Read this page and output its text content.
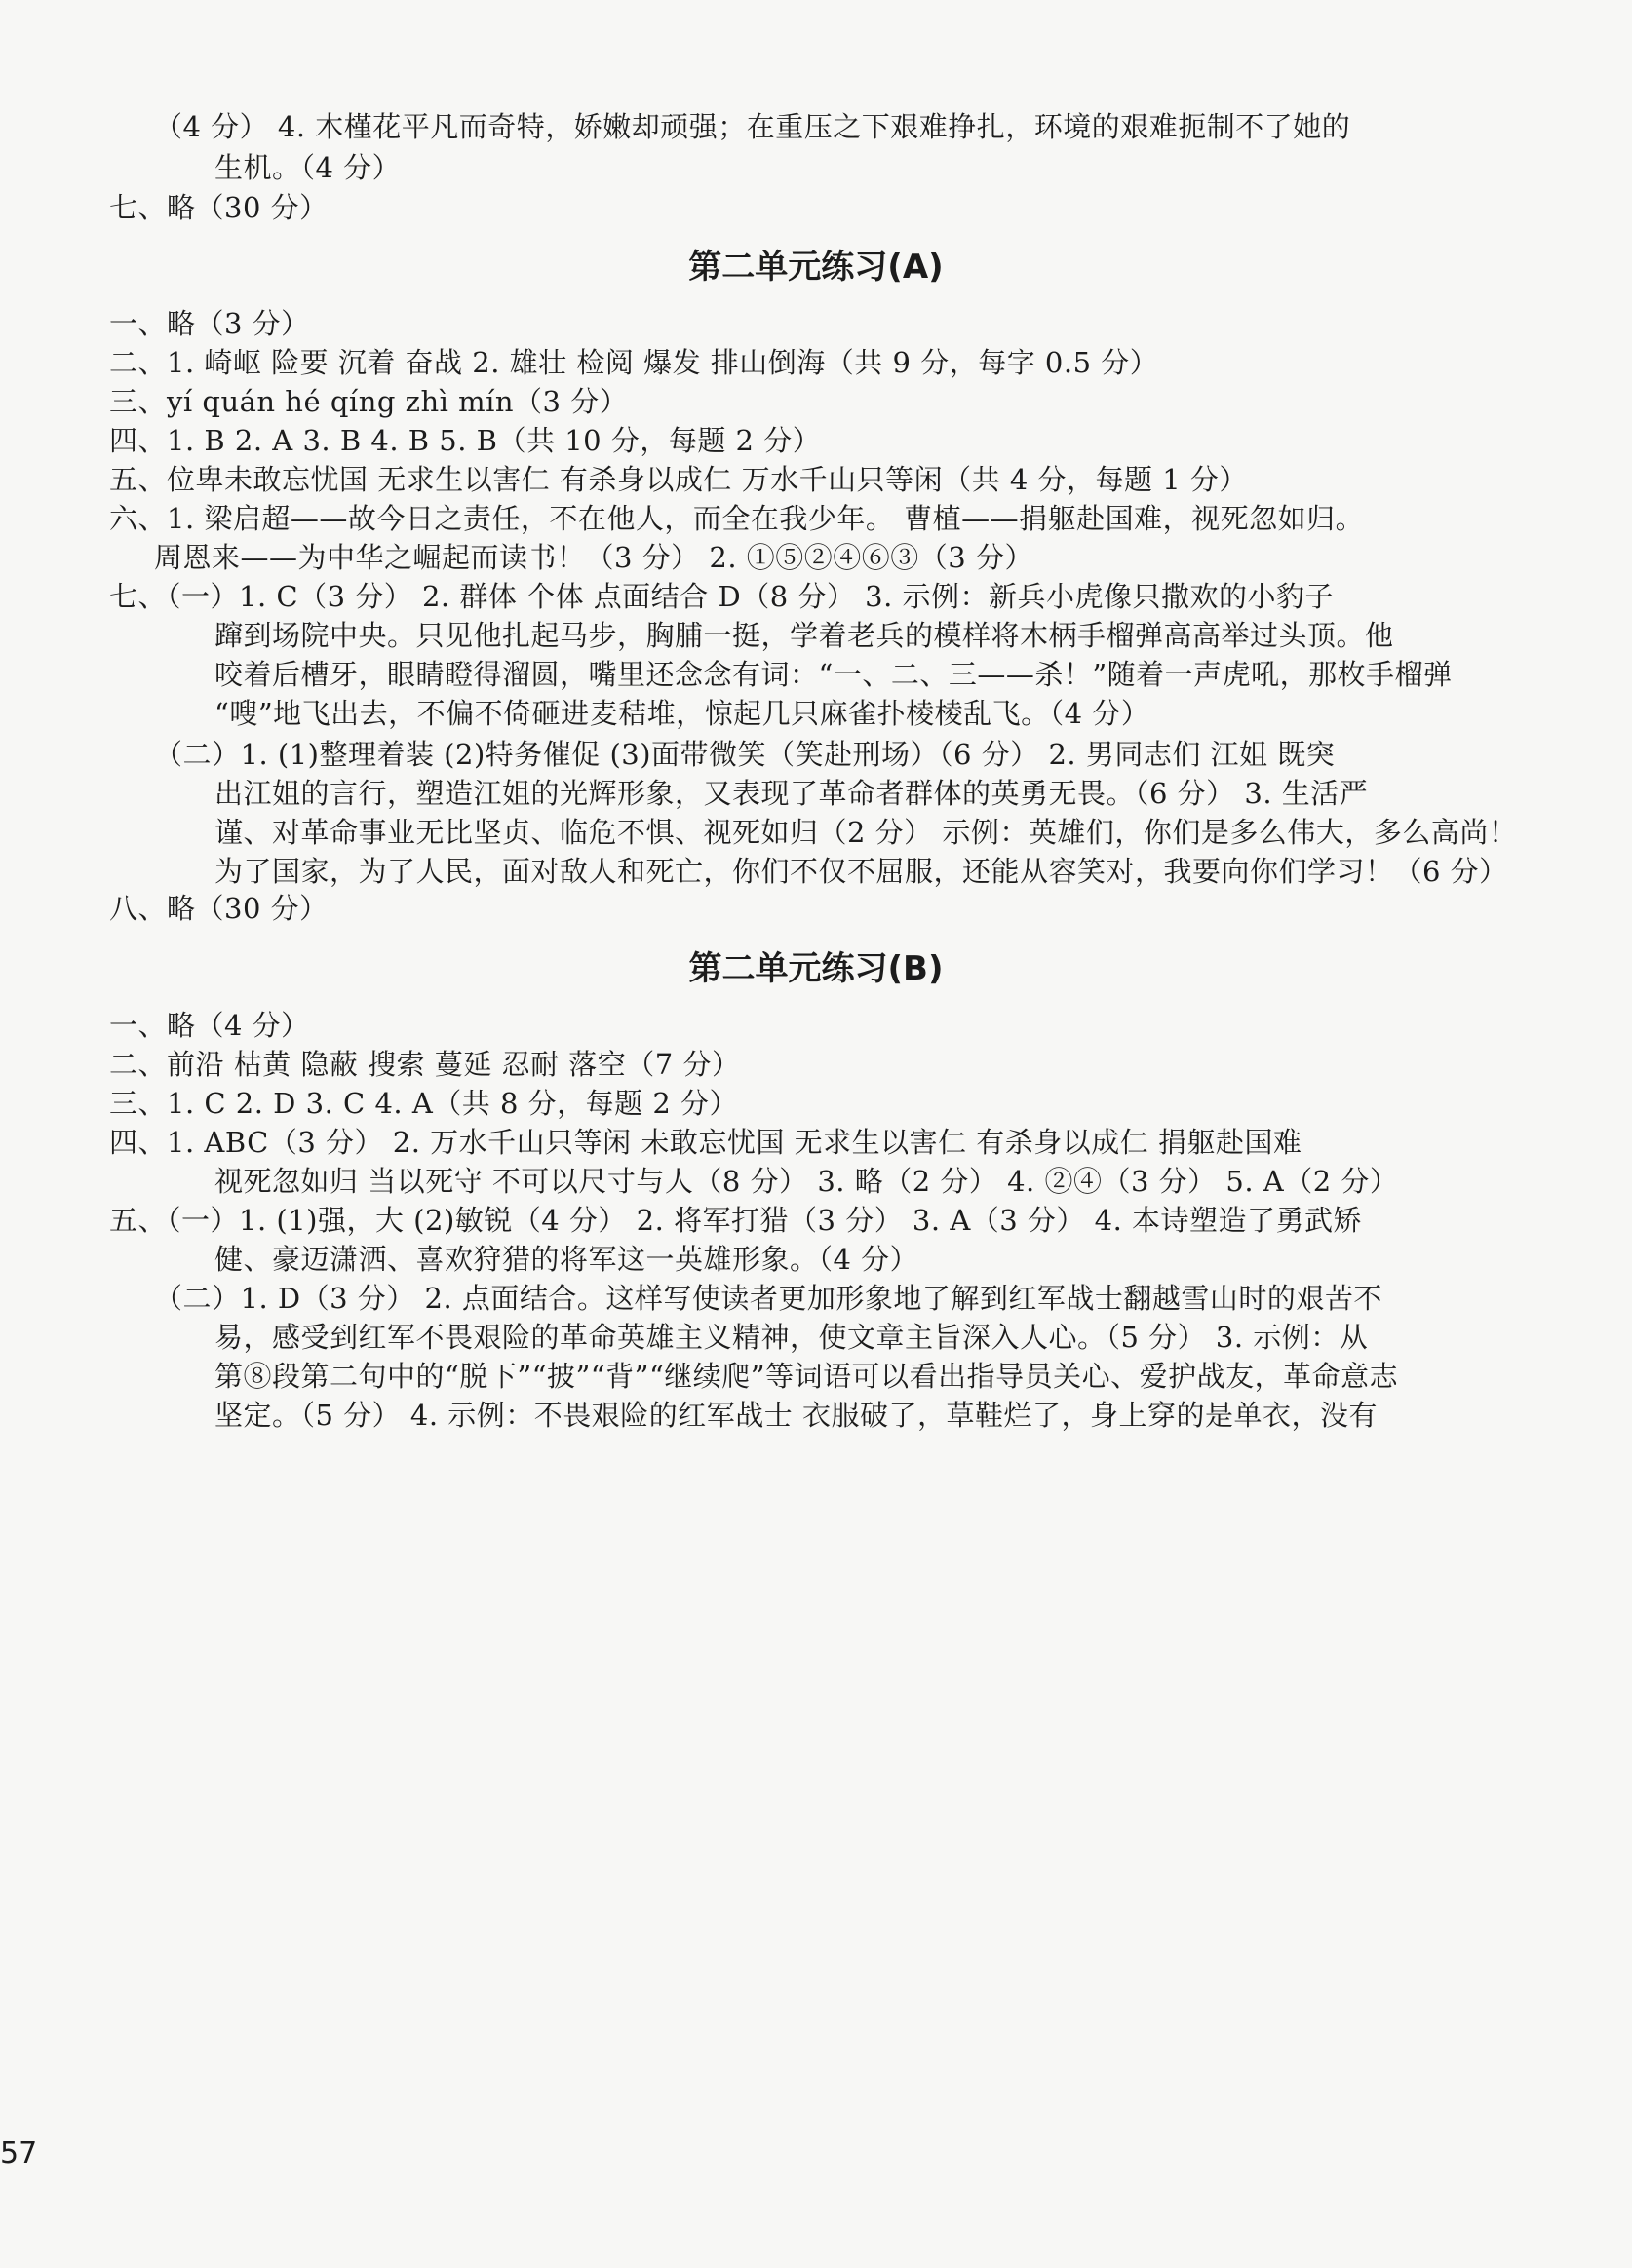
（4 分） 4. 木槿花平凡而奇特，娇嫩却顽强；在重压之下艰难挣扎，环境的艰难扼制不了她的
生机。（4 分）
七、略（30 分）
第二单元练习(A)
一、略（3 分）
二、1. 崎岖 险要 沉着 奋战 2. 雄壮 检阅 爆发 排山倒海（共 9 分，每字 0.5 分）
三、yí quán hé qíng zhì mín（3 分）
四、1. B 2. A 3. B 4. B 5. B（共 10 分，每题 2 分）
五、位卑未敢忘忧国 无求生以害仁 有杀身以成仁 万水千山只等闲（共 4 分，每题 1 分）
六、1. 梁启超——故今日之责任，不在他人，而全在我少年。 曹植——捐躯赴国难，视死忽如归。
周恩来——为中华之崛起而读书！（3 分） 2. ①⑤②④⑥③（3 分）
七、（一）1. C（3 分） 2. 群体 个体 点面结合 D（8 分） 3. 示例：新兵小虎像只撒欢的小豹子
蹿到场院中央。只见他扎起马步，胸脯一挺，学着老兵的模样将木柄手榴弹高高举过头顶。他
咬着后槽牙，眼睛瞪得溜圆，嘴里还念念有词：“一、二、三——杀！”随着一声虎吼，那枚手榴弹
“嗖”地飞出去，不偏不倚砸进麦秸堆，惊起几只麻雀扑棱棱乱飞。（4 分）
（二）1. (1)整理着装 (2)特务催促 (3)面带微笑（笑赴刑场）（6 分） 2. 男同志们 江姐 既突
出江姐的言行，塑造江姐的光辉形象，又表现了革命者群体的英勇无畏。（6 分） 3. 生活严
谨、对革命事业无比坚贞、临危不惧、视死如归（2 分） 示例：英雄们，你们是多么伟大，多么高尚！
为了国家，为了人民，面对敌人和死亡，你们不仅不屈服，还能从容笑对，我要向你们学习！（6 分）
八、略（30 分）
第二单元练习(B)
一、略（4 分）
二、前沿 枯黄 隐蔽 搜索 蔓延 忍耐 落空（7 分）
三、1. C 2. D 3. C 4. A（共 8 分，每题 2 分）
四、1. ABC（3 分） 2. 万水千山只等闲 未敢忘忧国 无求生以害仁 有杀身以成仁 捐躯赴国难
视死忽如归 当以死守 不可以尺寸与人（8 分） 3. 略（2 分） 4. ②④（3 分） 5. A（2 分）
五、（一）1. (1)强，大 (2)敏锐（4 分） 2. 将军打猎（3 分） 3. A（3 分） 4. 本诗塑造了勇武矫
健、豪迈潇洒、喜欢狩猎的将军这一英雄形象。（4 分）
（二）1. D（3 分） 2. 点面结合。这样写使读者更加形象地了解到红军战士翻越雪山时的艰苦不
易，感受到红军不畏艰险的革命英雄主义精神，使文章主旨深入人心。（5 分） 3. 示例：从
第⑧段第二句中的“脱下”“披”“背”“继续爬”等词语可以看出指导员关心、爱护战友，革命意志
坚定。（5 分） 4. 示例：不畏艰险的红军战士 衣服破了，草鞋烂了，身上穿的是单衣，没有
57
